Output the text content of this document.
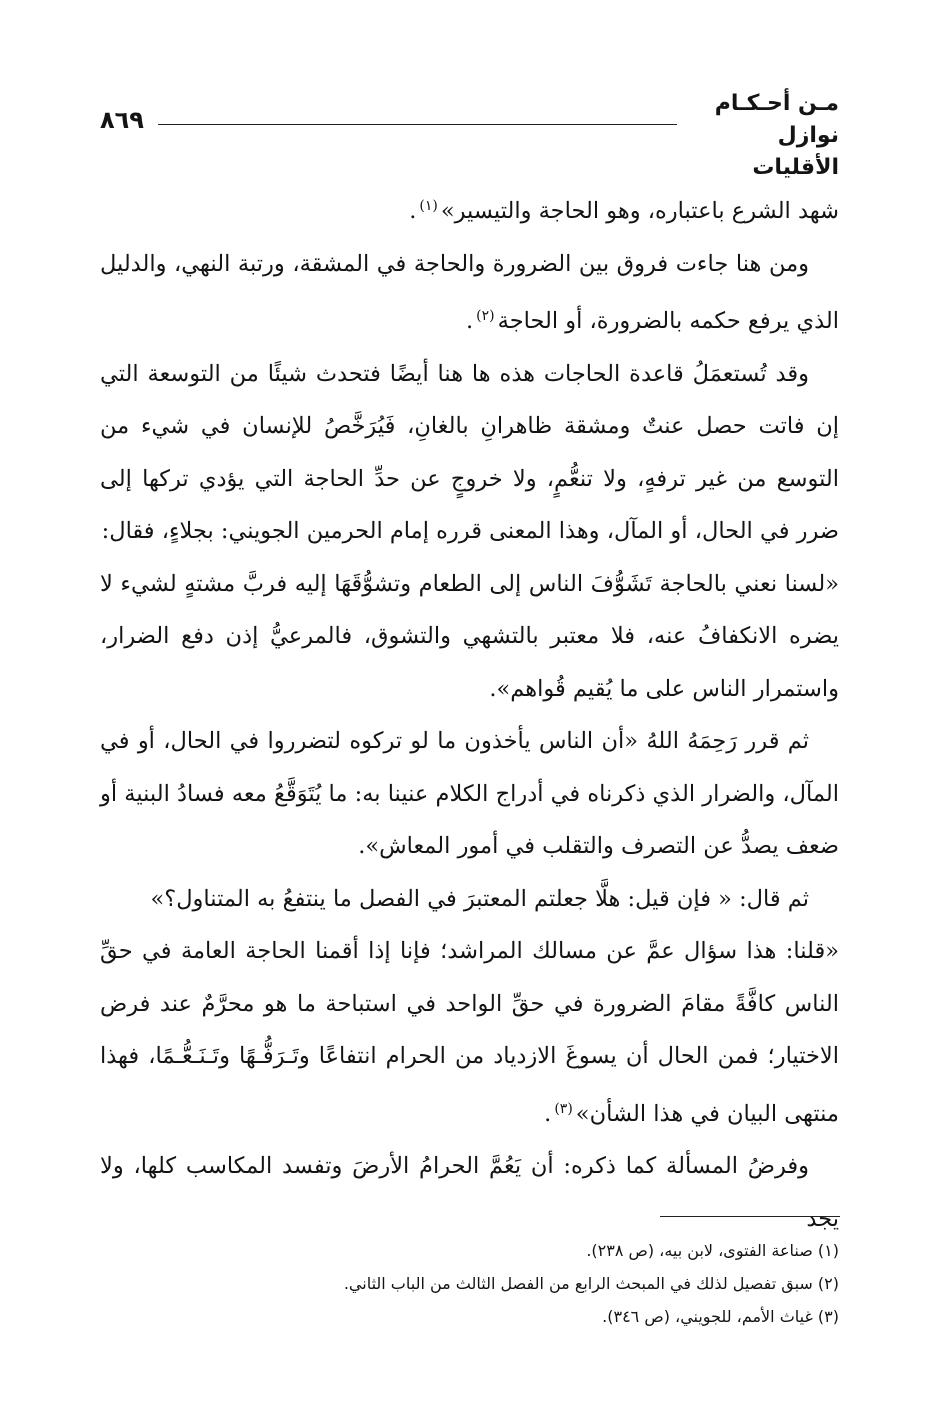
مـن أحـكـام
نوازل الأقليات
٨٦٩

شهد الشرع باعتباره، وهو الحاجة والتيسير»$^{(١)}$.

ومن هنا جاءت فروق بين الضرورة والحاجة في المشقة، ورتبة النهي، والدليل الذي يرفع حكمه بالضرورة، أو الحاجة$^{(٢)}$.

وقد تُستعمَلُ قاعدة الحاجات هذه ها هنا أيضًا فتحدث شيئًا من التوسعة التي إن فاتت حصل عنتٌ ومشقة ظاهرانِ بالغانِ، فَيُرَخَّصُ للإنسان في شيء من التوسع من غير ترفهٍ، ولا تنعُّمٍ، ولا خروجٍ عن حدِّ الحاجة التي يؤدي تركها إلى ضرر في الحال، أو المآل، وهذا المعنى قرره إمام الحرمين الجويني: بجلاءٍ، فقال:

«لسنا نعني بالحاجة تَشَوُّفَ الناس إلى الطعام وتشوُّقَهَا إليه فربَّ مشتهٍ لشيء لا يضره الانكفافُ عنه، فلا معتبر بالتشهي والتشوق، فالمرعيُّ إذن دفع الضرار، واستمرار الناس على ما يُقيم قُواهم».

ثم قرر رَحِمَهُ اللهُ «أن الناس يأخذون ما لو تركوه لتضرروا في الحال، أو في المآل، والضرار الذي ذكرناه في أدراج الكلام عنينا به: ما يُتَوَقَّعُ معه فسادُ البنية أو ضعف يصدُّ عن التصرف والتقلب في أمور المعاش».

ثم قال: « فإن قيل: هلَّا جعلتم المعتبرَ في الفصل ما ينتفعُ به المتناول؟»

«قلنا: هذا سؤال عمَّ عن مسالك المراشد؛ فإنا إذا أقمنا الحاجة العامة في حقِّ الناس كافَّةً مقامَ الضرورة في حقِّ الواحد في استباحة ما هو محرَّمٌ عند فرض الاختيار؛ فمن الحال أن يسوغَ الازدياد من الحرام انتفاعًا وتَـرَفُّـهًا وتَـنَـعُّـمًا، فهذا منتهى البيان في هذا الشأن»$^{(٣)}$.

وفرضُ المسألة كما ذكره: أن يَعُمَّ الحرامُ الأرضَ وتفسد المكاسب كلها، ولا يجد

(١) صناعة الفتوى، لابن بيه، (ص ٢٣٨).

(٢) سبق تفصيل لذلك في المبحث الرابع من الفصل الثالث من الباب الثاني.

(٣) غياث الأمم، للجويني، (ص ٣٤٦).
